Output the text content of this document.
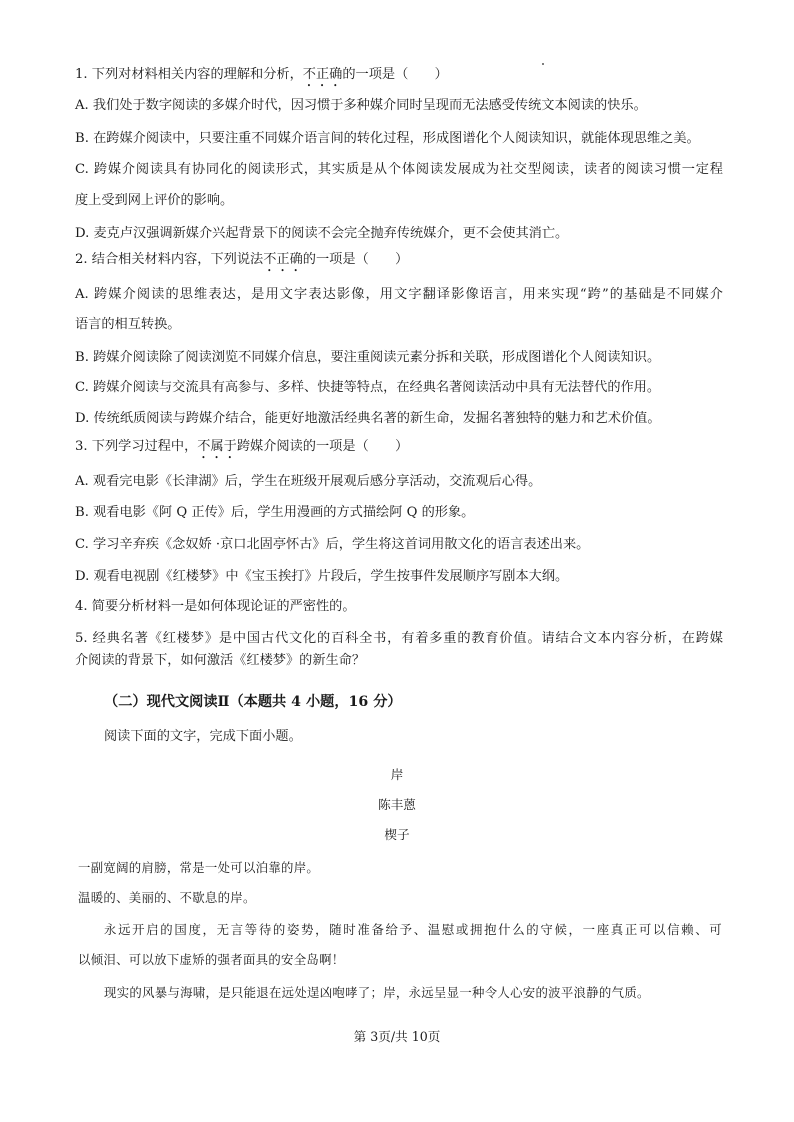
1. 下列对材料相关内容的理解和分析，不正确的一项是（　　）
A. 我们处于数字阅读的多媒介时代，因习惯于多种媒介同时呈现而无法感受传统文本阅读的快乐。
B. 在跨媒介阅读中，只要注重不同媒介语言间的转化过程，形成图谱化个人阅读知识，就能体现思维之美。
C. 跨媒介阅读具有协同化的阅读形式，其实质是从个体阅读发展成为社交型阅读，读者的阅读习惯一定程
度上受到网上评价的影响。
D. 麦克卢汉强调新媒介兴起背景下的阅读不会完全抛弃传统媒介，更不会使其消亡。
2. 结合相关材料内容，下列说法不正确的一项是（　　）
A. 跨媒介阅读的思维表达，是用文字表达影像，用文字翻译影像语言，用来实现“跨”的基础是不同媒介
语言的相互转换。
B. 跨媒介阅读除了阅读浏览不同媒介信息，要注重阅读元素分拆和关联，形成图谱化个人阅读知识。
C. 跨媒介阅读与交流具有高参与、多样、快捷等特点，在经典名著阅读活动中具有无法替代的作用。
D. 传统纸质阅读与跨媒介结合，能更好地激活经典名著的新生命，发掘名著独特的魅力和艺术价值。
3. 下列学习过程中，不属于跨媒介阅读的一项是（　　）
A. 观看完电影《长津湖》后，学生在班级开展观后感分享活动，交流观后心得。
B. 观看电影《阿 Q 正传》后，学生用漫画的方式描绘阿 Q 的形象。
C. 学习辛弃疾《念奴娇 ·京口北固亭怀古》后，学生将这首词用散文化的语言表述出来。
D. 观看电视剧《红楼梦》中《宝玉挨打》片段后，学生按事件发展顺序写剧本大纲。
4. 简要分析材料一是如何体现论证的严密性的。
5. 经典名著《红楼梦》是中国古代文化的百科全书，有着多重的教育价值。请结合文本内容分析，在跨媒
介阅读的背景下，如何激活《红楼梦》的新生命？
（二）现代文阅读Ⅱ（本题共 4 小题，16 分）
阅读下面的文字，完成下面小题。
岸
陈丰蒽
楔子
一副宽阔的肩膀，常是一处可以泊靠的岸。
温暖的、美丽的、不歇息的岸。
永远开启的国度，无言等待的姿势，随时准备给予、温慰或拥抱什么的守候，一座真正可以信赖、可
以倾泪、可以放下虚矫的强者面具的安全岛啊！
现实的风暴与海啸，是只能退在远处逞凶咆哮了；岸，永远呈显一种令人心安的波平浪静的气质。
第 3页/共 10页
